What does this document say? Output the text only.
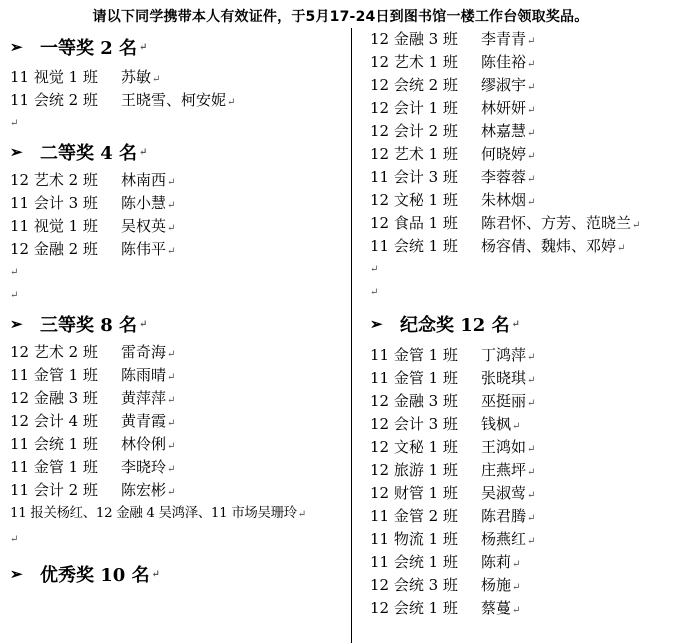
请以下同学携带本人有效证件，于5月17-24日到图书馆一楼工作台领取奖品。
➢ 一等奖 2 名 ↵
11 视觉 1 班 苏敏↵
11 会统 2 班 王晓雪、柯安妮↵
↵
➢ 二等奖 4 名 ↵
12 艺术 2 班 林南西↵
11 会计 3 班 陈小慧↵
11 视觉 1 班 吴权英↵
12 金融 2 班 陈伟平↵
↵
↵
➢ 三等奖 8 名 ↵
12 艺术 2 班 雷奇海↵
11 金管 1 班 陈雨晴↵
12 金融 3 班 黄萍萍↵
12 会计 4 班 黄青霞↵
11 会统 1 班 林伶俐↵
11 金管 1 班 李晓玲↵
11 会计 2 班 陈宏彬↵
11 报关杨红、12 金融 4 吴鸿泽、11 市场吴珊玲↵
↵
➢ 优秀奖 10 名 ↵
12 金融 3 班 李青青↵
12 艺术 1 班 陈佳裕↵
12 会统 2 班 缪淑宇↵
12 会计 1 班 林妍妍↵
12 会计 2 班 林嘉慧↵
12 艺术 1 班 何晓婷↵
11 会计 3 班 李蓉蓉↵
12 文秘 1 班 朱林烟↵
12 食品 1 班 陈君怀、方芳、范晓兰↵
11 会统 1 班 杨容倩、魏炜、邓婷↵
↵
↵
➢ 纪念奖 12 名 ↵
11 金管 1 班 丁鸿萍↵
11 金管 1 班 张晓琪↵
12 金融 3 班 巫挺丽↵
12 会计 3 班 钱枫↵
12 文秘 1 班 王鸿如↵
12 旅游 1 班 庄燕坪↵
12 财管 1 班 吴淑莺↵
11 金管 2 班 陈君腾↵
11 物流 1 班 杨燕红↵
11 会统 1 班 陈莉↵
12 会统 3 班 杨施↵
12 会统 1 班 蔡蔓↵
